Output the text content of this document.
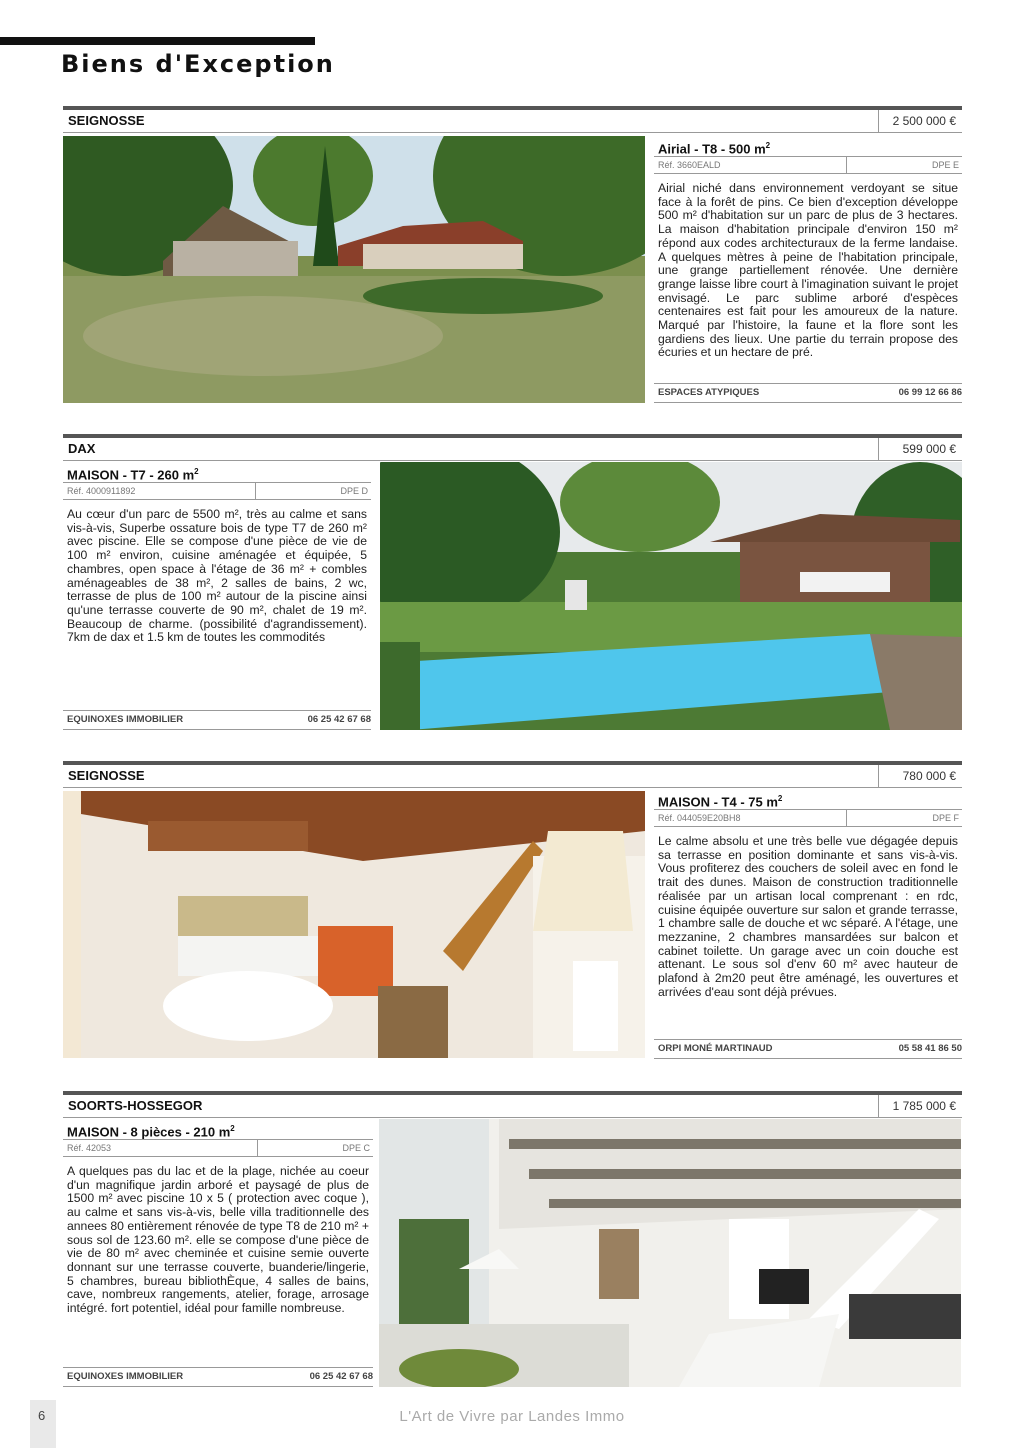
Biens d'Exception
SEIGNOSSE	2 500 000 €
Airial - T8 - 500 $m^2$
Réf. 3660EALD	DPE E
Airial niché dans environnement verdoyant se situe face à la forêt de pins. Ce bien d'exception développe 500 m² d'habitation sur un parc de plus de 3 hectares. La maison d'habitation principale d'environ 150 m² répond aux codes architecturaux de la ferme landaise. A quelques mètres à peine de l'habitation principale, une grange partiellement rénovée. Une dernière grange laisse libre court à l'imagination suivant le projet envisagé. Le parc sublime arboré d'espèces centenaires est fait pour les amoureux de la nature. Marqué par l'histoire, la faune et la flore sont les gardiens des lieux. Une partie du terrain propose des écuries et un hectare de pré.
ESPACES ATYPIQUES	06 99 12 66 86
DAX	599 000 €
MAISON - T7 - 260 $m^2$
Réf. 4000911892	DPE D
Au cœur d'un parc de 5500 m², très au calme et sans vis-à-vis, Superbe ossature bois de type T7 de 260 m² avec piscine. Elle se compose d'une pièce de vie de 100 m² environ, cuisine aménagée et équipée, 5 chambres, open space à l'étage de 36 m² + combles aménageables de 38 m², 2 salles de bains, 2 wc, terrasse de plus de 100 m² autour de la piscine ainsi qu'une terrasse couverte de 90 m², chalet de 19 m². Beaucoup de charme. (possibilité d'agrandissement). 7km de dax et 1.5 km de toutes les commodités
EQUINOXES IMMOBILIER	06 25 42 67 68
SEIGNOSSE	780 000 €
MAISON - T4 - 75 $m^2$
Réf. 044059E20BH8	DPE F
Le calme absolu et une très belle vue dégagée depuis sa terrasse en position dominante et sans vis-à-vis. Vous profiterez des couchers de soleil avec en fond le trait des dunes. Maison de construction traditionnelle réalisée par un artisan local comprenant : en rdc, cuisine équipée ouverture sur salon et grande terrasse, 1 chambre salle de douche et wc séparé. A l'étage, une mezzanine, 2 chambres mansardées sur balcon et cabinet toilette. Un garage avec un coin douche est attenant. Le sous sol d'env 60 m² avec hauteur de plafond à 2m20 peut être aménagé, les ouvertures et arrivées d'eau sont déjà prévues.
ORPI MONÉ MARTINAUD	05 58 41 86 50
SOORTS-HOSSEGOR	1 785 000 €
MAISON - 8 pièces - 210 $m^2$
Réf. 42053	DPE C
A quelques pas du lac et de la plage, nichée au coeur d'un magnifique jardin arboré et paysagé de plus de 1500 m² avec piscine 10 x 5 ( protection avec coque ), au calme et sans vis-à-vis, belle villa traditionnelle des annees 80 entièrement rénovée de type T8 de 210 m² + sous sol de 123.60 m². elle se compose d'une pièce de vie de 80 m² avec cheminée et cuisine semie ouverte donnant sur une terrasse couverte, buanderie/lingerie, 5 chambres, bureau bibliothÈque, 4 salles de bains, cave, nombreux rangements, atelier, forage, arrosage intégré. fort potentiel, idéal pour famille nombreuse.
EQUINOXES IMMOBILIER	06 25 42 67 68
6	L'Art de Vivre par Landes Immo
